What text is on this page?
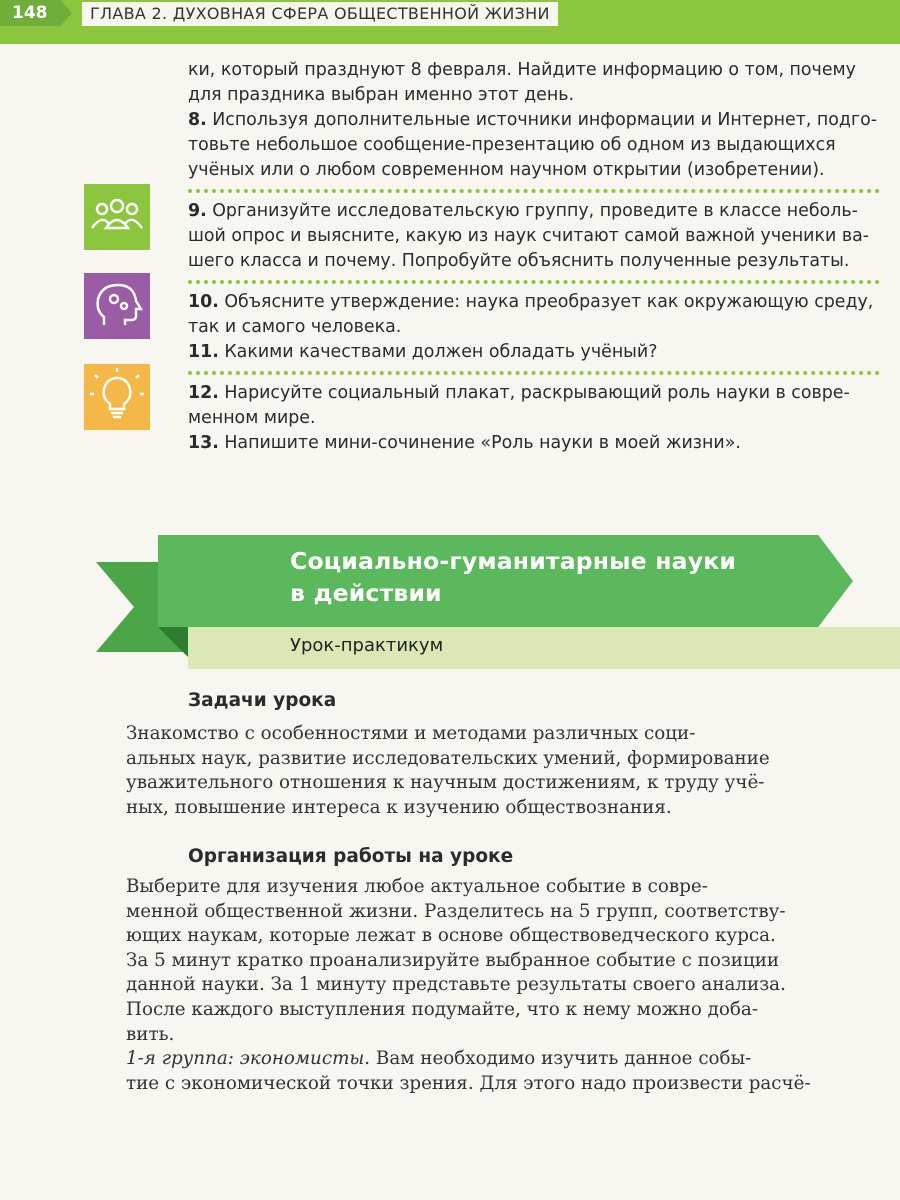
148	ГЛАВА 2. ДУХОВНАЯ СФЕРА ОБЩЕСТВЕННОЙ ЖИЗНИ
ки, который празднуют 8 февраля. Найдите информацию о том, почему
для праздника выбран именно этот день.
8. Используя дополнительные источники информации и Интернет, подго-
товьте небольшое сообщение-презентацию об одном из выдающихся
учёных или о любом современном научном открытии (изобретении).
9. Организуйте исследовательскую группу, проведите в классе неболь-
шой опрос и выясните, какую из наук считают самой важной ученики ва-
шего класса и почему. Попробуйте объяснить полученные результаты.
10. Объясните утверждение: наука преобразует как окружающую среду,
так и самого человека.
11. Какими качествами должен обладать учёный?
12. Нарисуйте социальный плакат, раскрывающий роль науки в совре-
менном мире.
13. Напишите мини-сочинение «Роль науки в моей жизни».
Социально-гуманитарные науки
в действии
Урок-практикум
Задачи урока
Знакомство с особенностями и методами различных соци-
альных наук, развитие исследовательских умений, формирование
уважительного отношения к научным достижениям, к труду учё-
ных, повышение интереса к изучению обществознания.
Организация работы на уроке
Выберите для изучения любое актуальное событие в совре-
менной общественной жизни. Разделитесь на 5 групп, соответству-
ющих наукам, которые лежат в основе обществоведческого курса.
За 5 минут кратко проанализируйте выбранное событие с позиции
данной науки. За 1 минуту представьте результаты своего анализа.
После каждого выступления подумайте, что к нему можно доба-
вить.
1-я группа: экономисты. Вам необходимо изучить данное собы-
тие с экономической точки зрения. Для этого надо произвести расчё-
